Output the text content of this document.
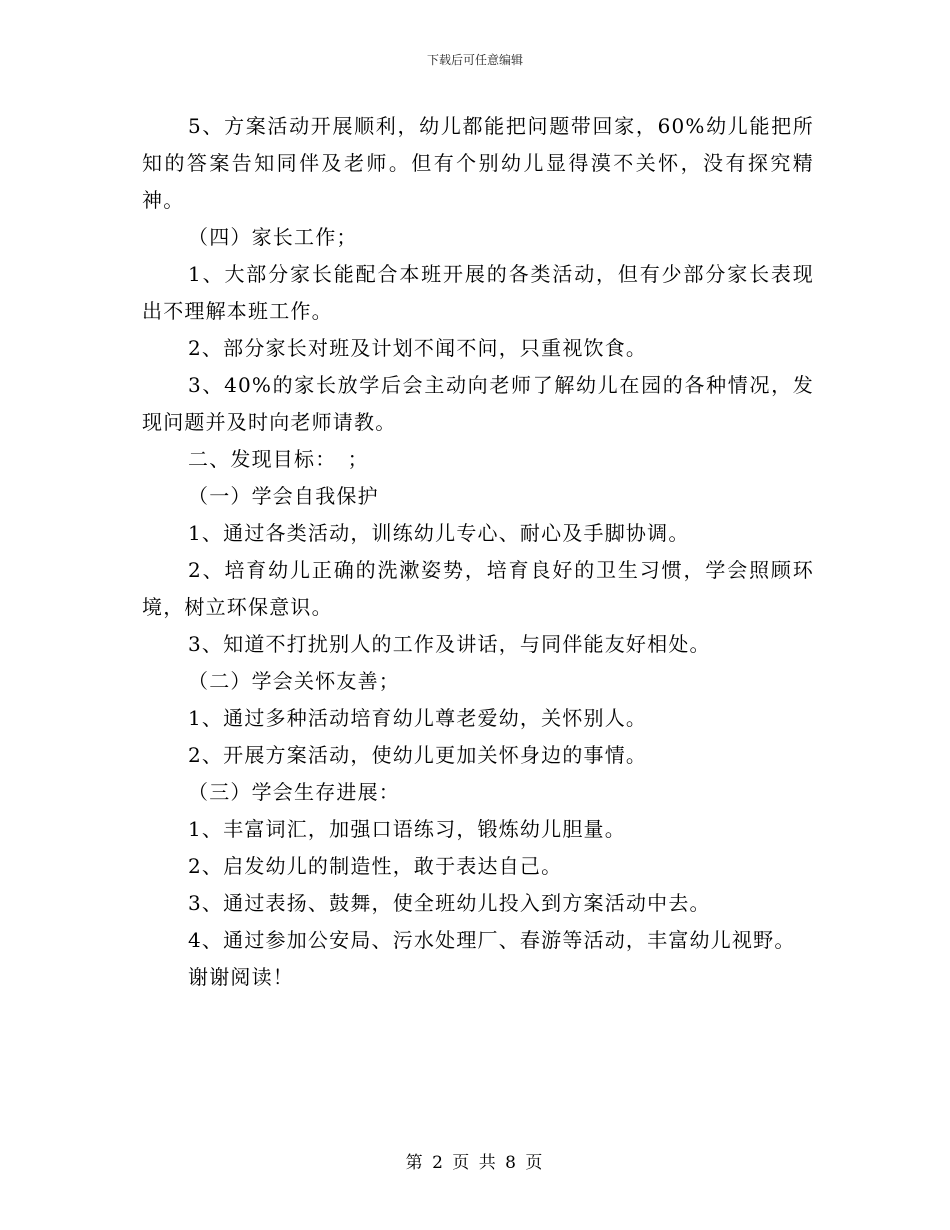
下载后可任意编辑

5、方案活动开展顺利，幼儿都能把问题带回家，60%幼儿能把所知的答案告知同伴及老师。但有个别幼儿显得漠不关怀，没有探究精神。

（四）家长工作；

1、大部分家长能配合本班开展的各类活动，但有少部分家长表现出不理解本班工作。

2、部分家长对班及计划不闻不问，只重视饮食。

3、40%的家长放学后会主动向老师了解幼儿在园的各种情况，发现问题并及时向老师请教。

二、发现目标：　；

（一）学会自我保护

1、通过各类活动，训练幼儿专心、耐心及手脚协调。

2、培育幼儿正确的洗漱姿势，培育良好的卫生习惯，学会照顾环境，树立环保意识。

3、知道不打扰别人的工作及讲话，与同伴能友好相处。

（二）学会关怀友善；

1、通过多种活动培育幼儿尊老爱幼，关怀别人。

2、开展方案活动，使幼儿更加关怀身边的事情。

（三）学会生存进展：

1、丰富词汇，加强口语练习，锻炼幼儿胆量。

2、启发幼儿的制造性，敢于表达自己。

3、通过表扬、鼓舞，使全班幼儿投入到方案活动中去。

4、通过参加公安局、污水处理厂、春游等活动，丰富幼儿视野。

谢谢阅读！

第 2 页 共 8 页
